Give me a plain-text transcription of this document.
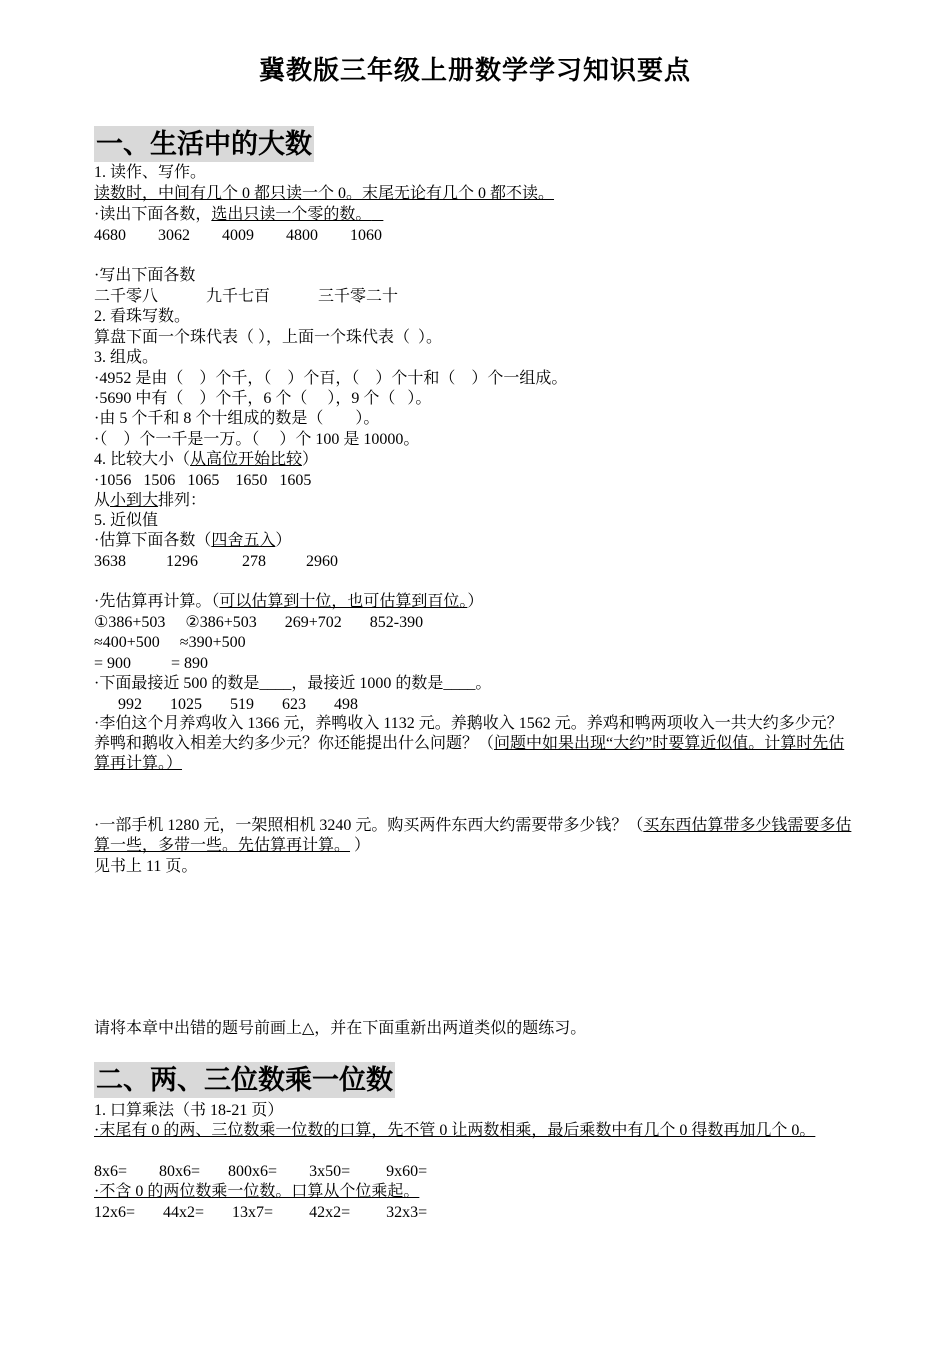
冀教版三年级上册数学学习知识要点
一、生活中的大数
1. 读作、写作。
读数时，中间有几个 0 都只读一个 0。末尾无论有几个 0 都不读。
·读出下面各数，选出只读一个零的数。
4680        3062        4009        4800        1060
·写出下面各数
二千零八            九千七百            三千零二十
2. 看珠写数。
算盘下面一个珠代表（ ），上面一个珠代表（  ）。
3. 组成。
·4952 是由（    ）个千，（    ）个百，（    ）个十和（    ）个一组成。
·5690 中有（    ）个千，6 个（     ），9 个（   ）。
·由 5 个千和 8 个十组成的数是（        ）。
·（    ）个一千是一万。（     ）个 100 是 10000。
4. 比较大小（从高位开始比较）
·1056   1506   1065    1650   1605
从小到大排列：
5. 近似值
·估算下面各数（四舍五入）
3638          1296           278          2960
·先估算再计算。（可以估算到十位，也可估算到百位。）
①386+503     ②386+503       269+702       852-390
≈400+500     ≈390+500
= 900          = 890
·下面最接近 500 的数是____，最接近 1000 的数是____。
992       1025       519       623       498
·李伯这个月养鸡收入 1366 元，养鸭收入 1132 元。养鹅收入 1562 元。养鸡和鸭两项收入一共大约多少元？养鸭和鹅收入相差大约多少元？你还能提出什么问题？（问题中如果出现“大约”时要算近似值。计算时先估算再计算。）
·一部手机 1280 元，一架照相机 3240 元。购买两件东西大约需要带多少钱？（买东西估算带多少钱需要多估算一些，多带一些。先估算再计算。 ）
见书上 11 页。
请将本章中出错的题号前画上△，并在下面重新出两道类似的题练习。
二、两、三位数乘一位数
1. 口算乘法（书 18-21 页）
·末尾有 0 的两、三位数乘一位数的口算，先不管 0 让两数相乘，最后乘数中有几个 0 得数再加几个 0。
8x6=        80x6=       800x6=        3x50=         9x60=
·不含 0 的两位数乘一位数。口算从个位乘起。
12x6=       44x2=       13x7=         42x2=         32x3=
